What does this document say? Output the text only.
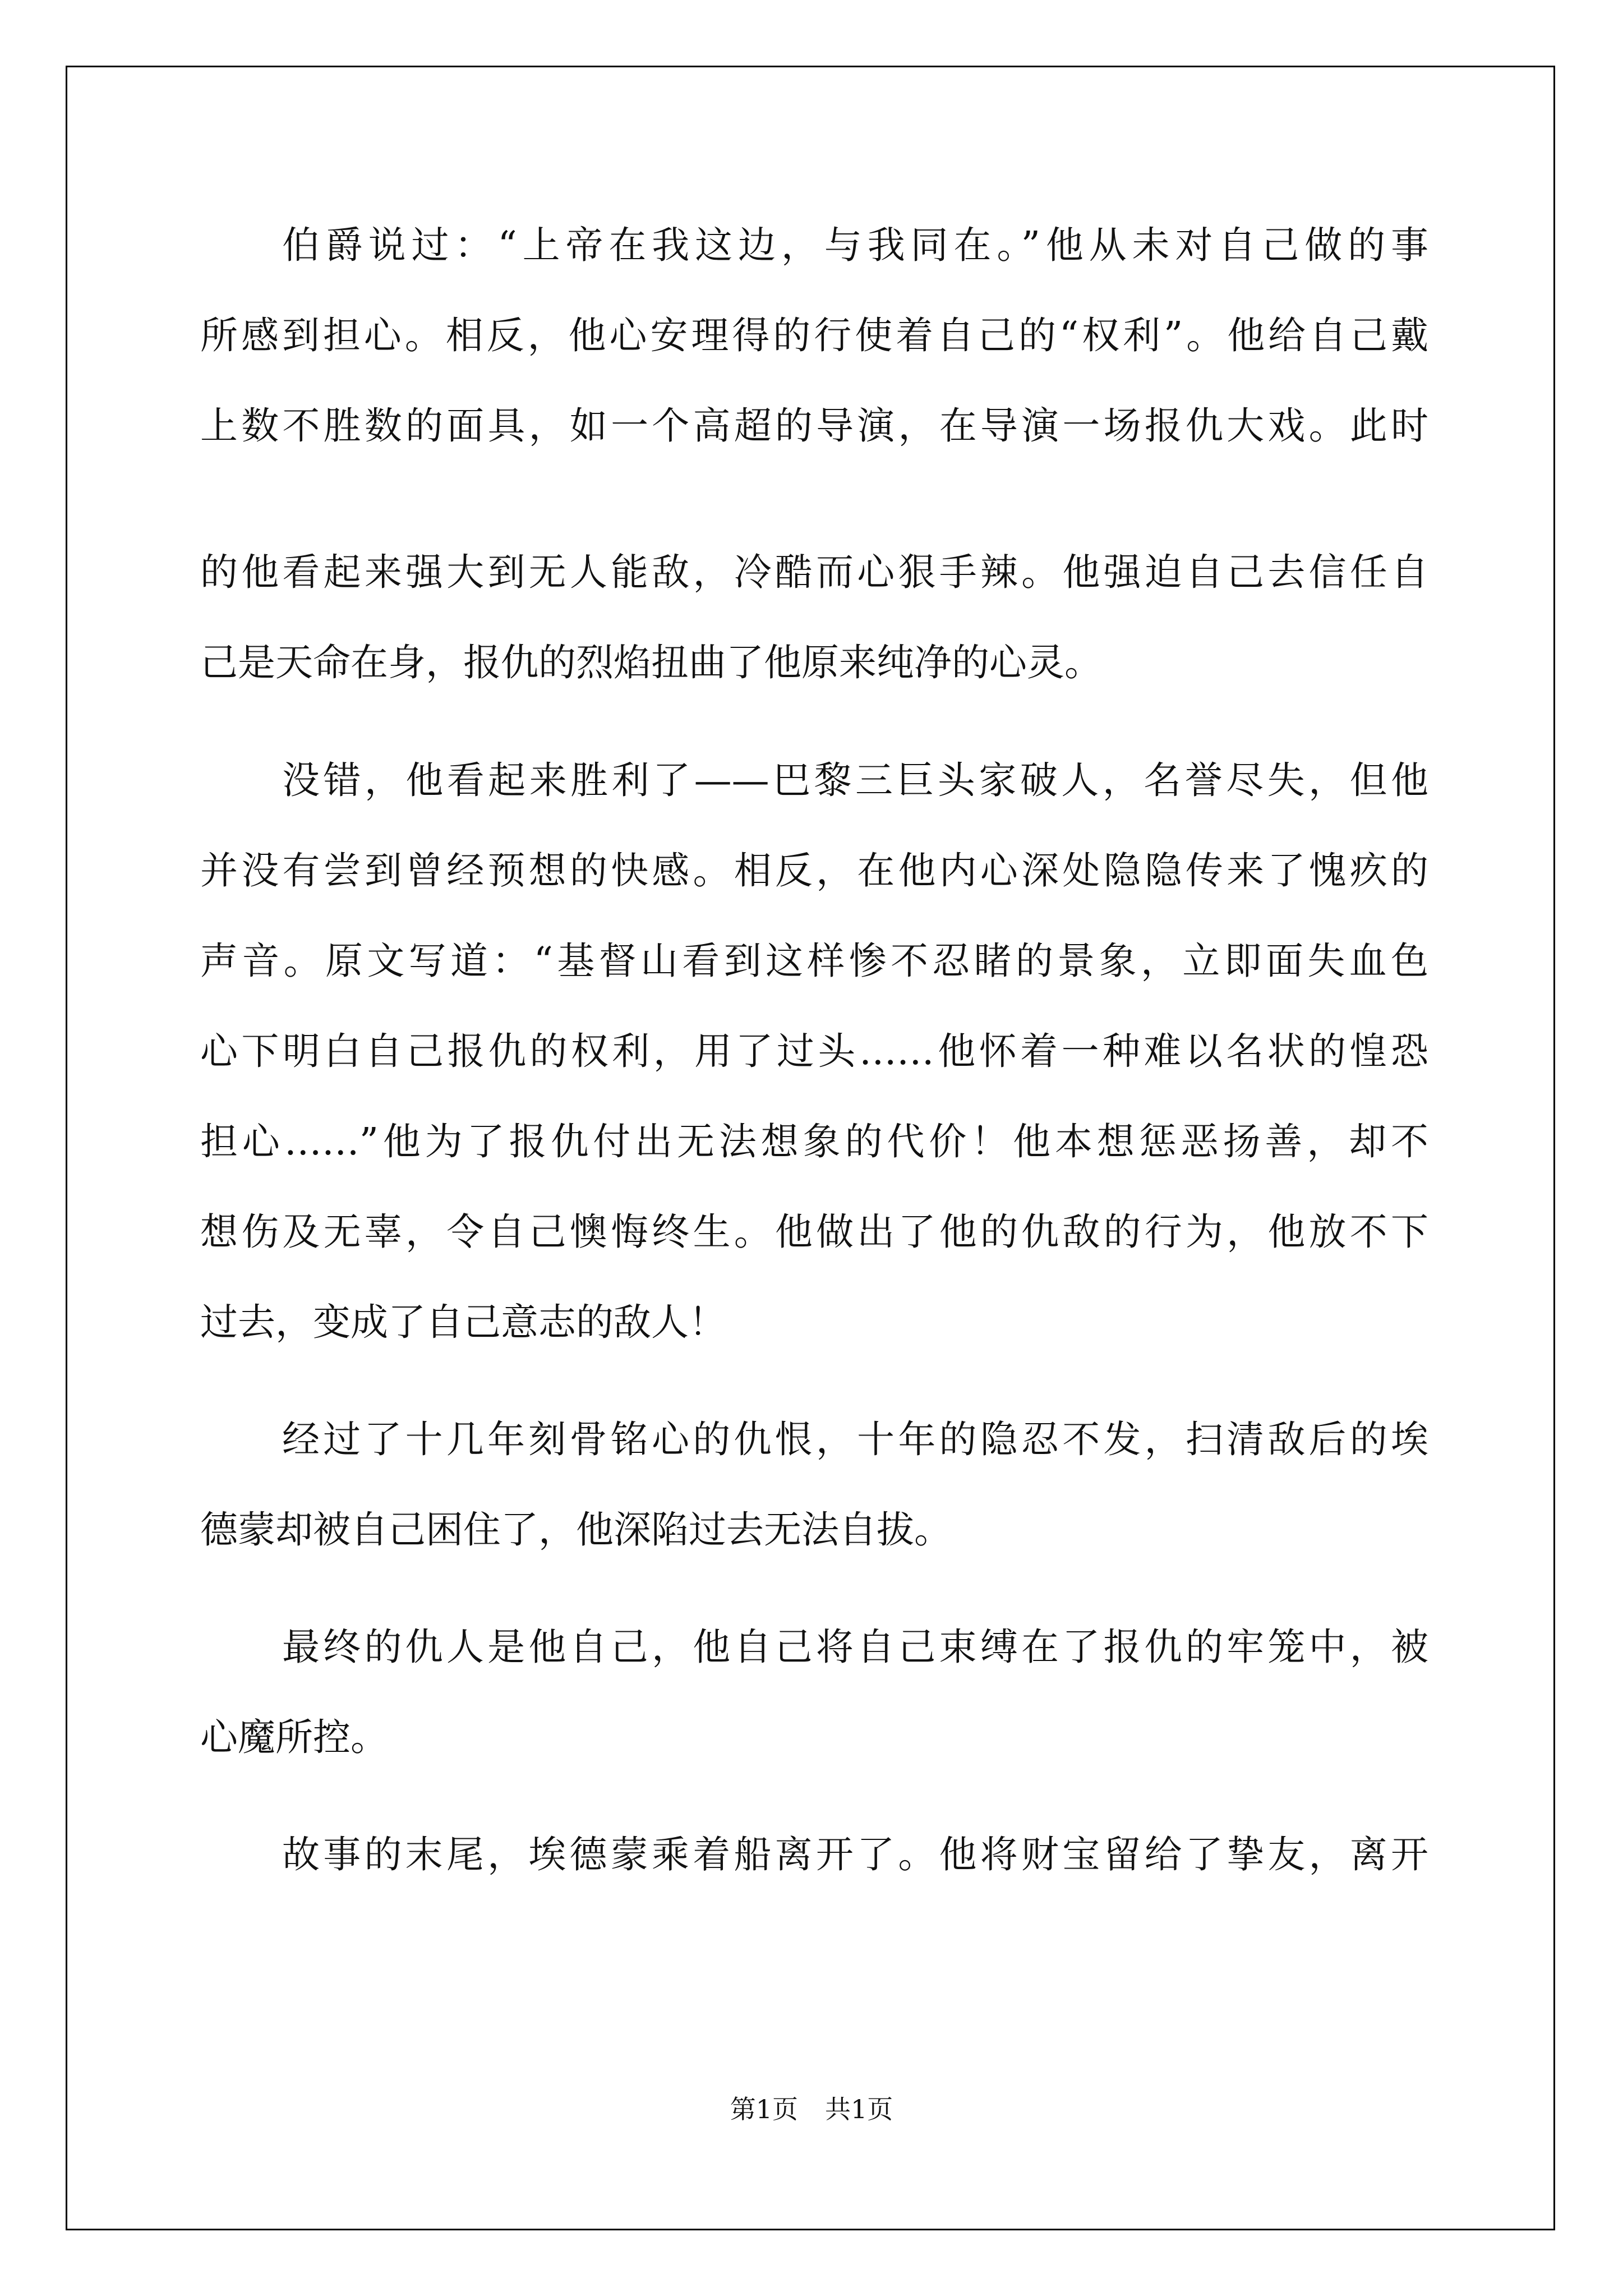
伯爵说过：“上帝在我这边，与我同在。”他从未对自己做的事
所感到担心。相反，他心安理得的行使着自己的“权利”。他给自己戴
上数不胜数的面具，如一个高超的导演，在导演一场报仇大戏。此时
的他看起来强大到无人能敌，冷酷而心狠手辣。他强迫自己去信任自
己是天命在身，报仇的烈焰扭曲了他原来纯净的心灵。
没错，他看起来胜利了——巴黎三巨头家破人，名誉尽失，但他
并没有尝到曾经预想的快感。相反，在他内心深处隐隐传来了愧疚的
声音。原文写道：“基督山看到这样惨不忍睹的景象，立即面失血色
心下明白自己报仇的权利，用了过头……他怀着一种难以名状的惶恐
担心……”他为了报仇付出无法想象的代价！他本想惩恶扬善，却不
想伤及无辜，令自己懊悔终生。他做出了他的仇敌的行为，他放不下
过去，变成了自己意志的敌人！
经过了十几年刻骨铭心的仇恨，十年的隐忍不发，扫清敌后的埃
德蒙却被自己困住了，他深陷过去无法自拔。
最终的仇人是他自己，他自己将自己束缚在了报仇的牢笼中，被
心魔所控。
故事的末尾，埃德蒙乘着船离开了。他将财宝留给了挚友，离开
第1页 共1页
